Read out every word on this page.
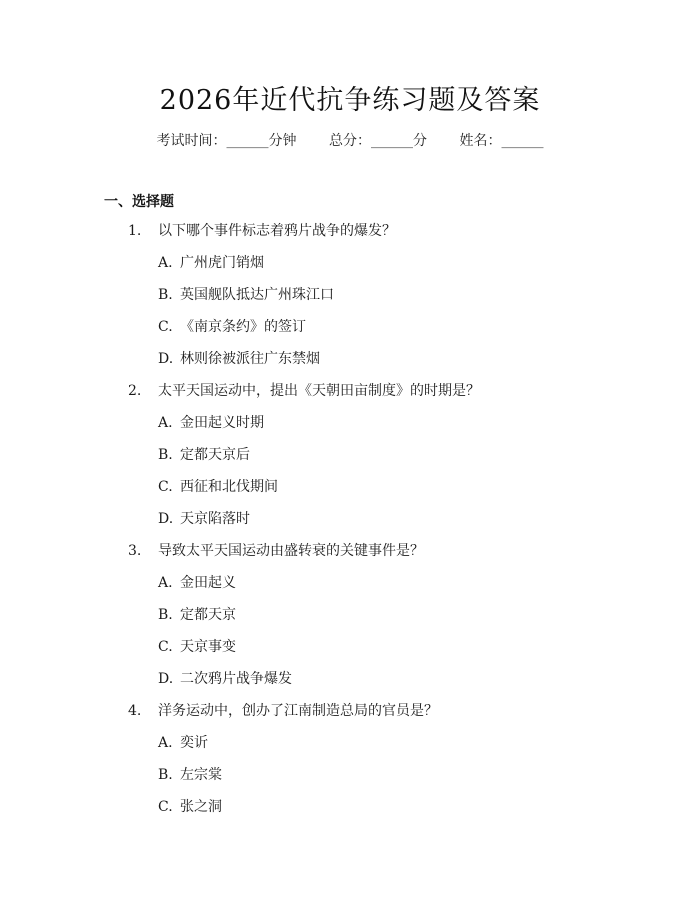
2026年近代抗争练习题及答案
考试时间：______分钟 总分：______分 姓名：______
一、选择题
1. 以下哪个事件标志着鸦片战争的爆发？
A. 广州虎门销烟
B. 英国舰队抵达广州珠江口
C. 《南京条约》的签订
D. 林则徐被派往广东禁烟
2. 太平天国运动中，提出《天朝田亩制度》的时期是？
A. 金田起义时期
B. 定都天京后
C. 西征和北伐期间
D. 天京陷落时
3. 导致太平天国运动由盛转衰的关键事件是？
A. 金田起义
B. 定都天京
C. 天京事变
D. 二次鸦片战争爆发
4. 洋务运动中，创办了江南制造总局的官员是？
A. 奕䜣
B. 左宗棠
C. 张之洞
